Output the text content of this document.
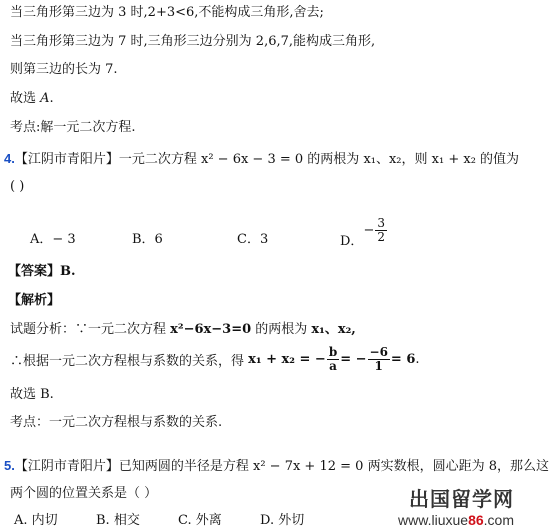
当三角形第三边为 3 时,2+3<6,不能构成三角形,舍去;
当三角形第三边为 7 时,三角形三边分别为 2,6,7,能构成三角形,
则第三边的长为 7.
故选 A.
考点:解一元二次方程.
4.【江阴市青阳片】一元二次方程 x² − 6x − 3 = 0 的两根为 x₁、x₂，则 x₁ + x₂ 的值为
( )
A．− 3	B．6	C．3	D．− $\frac{3}{2}$
【答案】B.
【解析】
试题分析：∵一元二次方程 x²−6x−3=0 的两根为 x₁、x₂,
∴根据一元二次方程根与系数的关系，得 x₁ + x₂ = − $\frac{b}{a}$ = − $\frac{-6}{1} = 6$.
故选 B.
考点：一元二次方程根与系数的关系.
5.【江阴市青阳片】已知两圆的半径是方程 x² − 7x + 12 = 0 两实数根，圆心距为 8，那么这
两个圆的位置关系是（ ）
A. 内切	B. 相交	C. 外离	D. 外切
出国留学网
www.liuxue86.com
